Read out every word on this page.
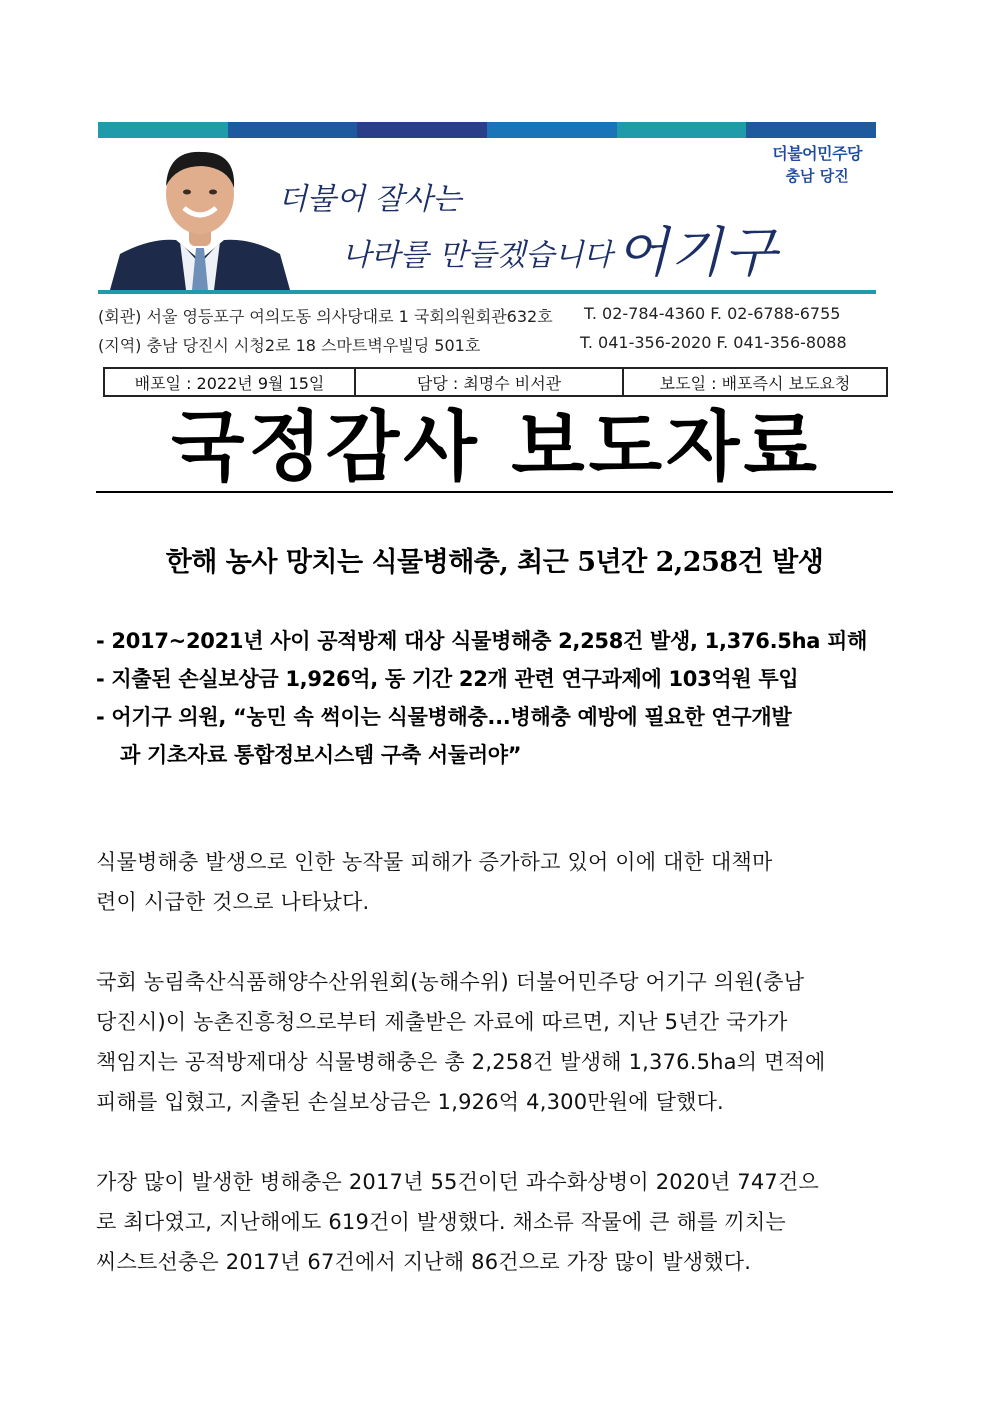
더불어 잘사는
나라를 만들겠습니다 어기구
더불어민주당
충남 당진
(회관) 서울 영등포구 여의도동 의사당대로 1 국회의원회관632호 T. 02-784-4360 F. 02-6788-6755
(지역) 충남 당진시 시청2로 18 스마트벽우빌딩 501호	T. 041-356-2020 F. 041-356-8088
배포일 : 2022년 9월 15일	담당 : 최명수 비서관	보도일 : 배포즉시 보도요청
국정감사 보도자료
한해 농사 망치는 식물병해충, 최근 5년간 2,258건 발생
- 2017~2021년 사이 공적방제 대상 식물병해충 2,258건 발생, 1,376.5ha 피해
- 지출된 손실보상금 1,926억, 동 기간 22개 관련 연구과제에 103억원 투입
- 어기구 의원, “농민 속 썩이는 식물병해충...병해충 예방에 필요한 연구개발
과 기초자료 통합정보시스템 구축 서둘러야”
식물병해충 발생으로 인한 농작물 피해가 증가하고 있어 이에 대한 대책마
련이 시급한 것으로 나타났다.
국회 농림축산식품해양수산위원회(농해수위) 더불어민주당 어기구 의원(충남
당진시)이 농촌진흥청으로부터 제출받은 자료에 따르면, 지난 5년간 국가가
책임지는 공적방제대상 식물병해충은 총 2,258건 발생해 1,376.5ha의 면적에
피해를 입혔고, 지출된 손실보상금은 1,926억 4,300만원에 달했다.
가장 많이 발생한 병해충은 2017년 55건이던 과수화상병이 2020년 747건으
로 최다였고, 지난해에도 619건이 발생했다. 채소류 작물에 큰 해를 끼치는
씨스트선충은 2017년 67건에서 지난해 86건으로 가장 많이 발생했다.
